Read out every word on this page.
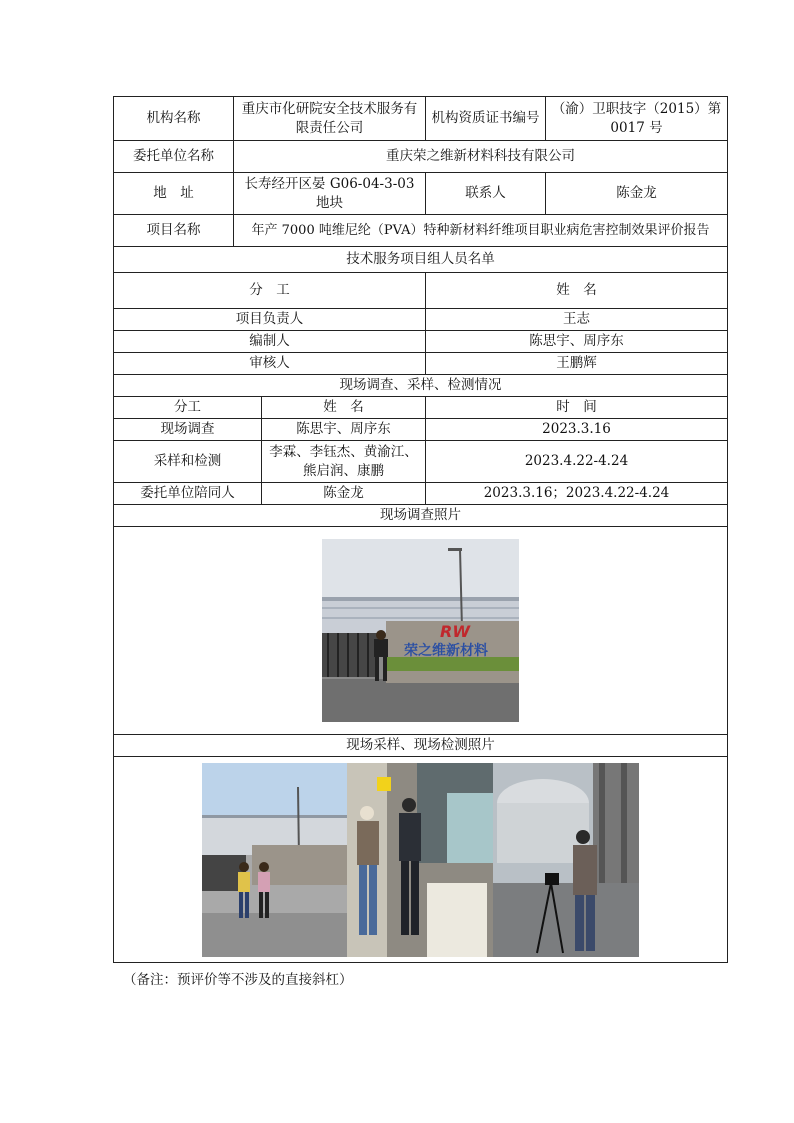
机构名称	重庆市化研院安全技术服务有限责任公司		机构资质证书编号	（渝）卫职技字（2015）第 0017 号
委托单位名称	重庆荣之维新材料科技有限公司			
地　址	长寿经开区晏 G06-04-3-03 地块		联系人	陈金龙
项目名称	年产 7000 吨维尼纶（PVA）特种新材料纤维项目职业病危害控制效果评价报告			
技术服务项目组人员名单				
分　工			姓　名	
项目负责人			王志	
编制人			陈思宇、周序东	
审核人			王鹏辉	
现场调查、采样、检测情况				
分工		姓　名	时　间	
现场调查		陈思宇、周序东	2023.3.16	
采样和检测		李霖、李钰杰、黄渝江、熊启润、康鹏	2023.4.22-4.24	
委托单位陪同人		陈金龙	2023.3.16；2023.4.22-4.24	
现场调查照片				

RW
荣之维新材料				

现场采样、现场检测照片				

（备注：预评价等不涉及的直接斜杠）
